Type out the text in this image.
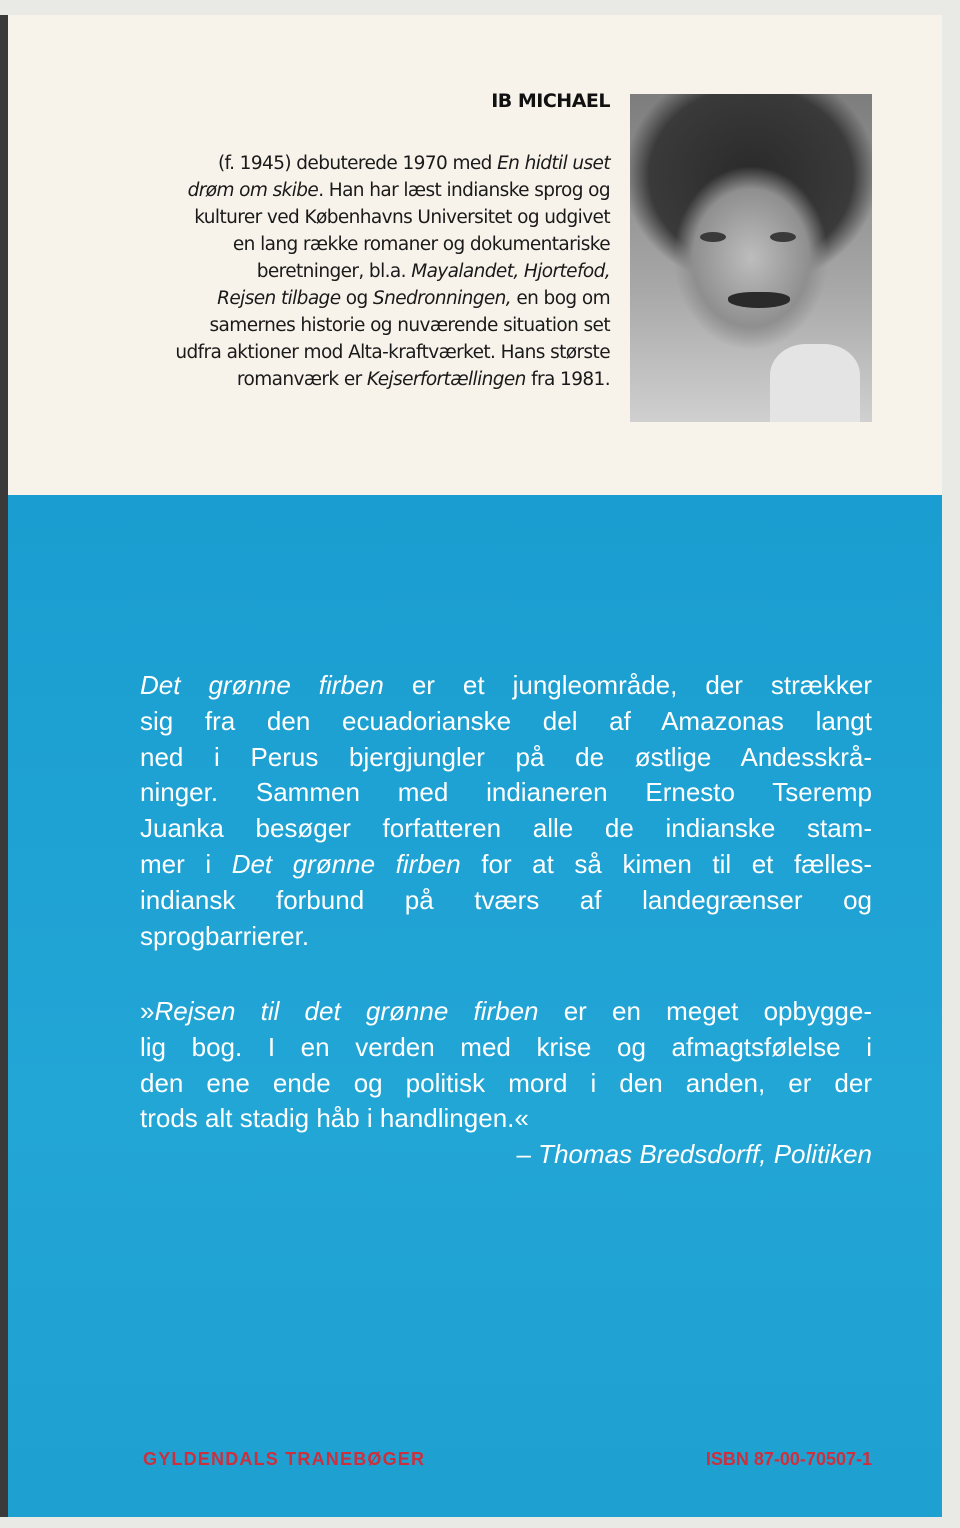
IB MICHAEL
(f. 1945) debuterede 1970 med En hidtil uset
drøm om skibe. Han har læst indianske sprog og
kulturer ved Københavns Universitet og udgivet
en lang række romaner og dokumentariske
beretninger, bl.a. Mayalandet, Hjortefod,
Rejsen tilbage og Snedronningen, en bog om
samernes historie og nuværende situation set
udfra aktioner mod Alta-kraftværket. Hans største
romanværk er Kejserfortællingen fra 1981.
Det grønne firben er et jungleområde, der strækker
sig fra den ecuadorianske del af Amazonas langt
ned i Perus bjergjungler på de østlige Andesskrå-
ninger. Sammen med indianeren Ernesto Tseremp
Juanka besøger forfatteren alle de indianske stam-
mer i Det grønne firben for at så kimen til et fælles-
indiansk forbund på tværs af landegrænser og
sprogbarrierer.
»Rejsen til det grønne firben er en meget opbygge-
lig bog. I en verden med krise og afmagtsfølelse i
den ene ende og politisk mord i den anden, er der
trods alt stadig håb i handlingen.«
– Thomas Bredsdorff, Politiken
GYLDENDALS TRANEBØGER	ISBN 87-00-70507-1
